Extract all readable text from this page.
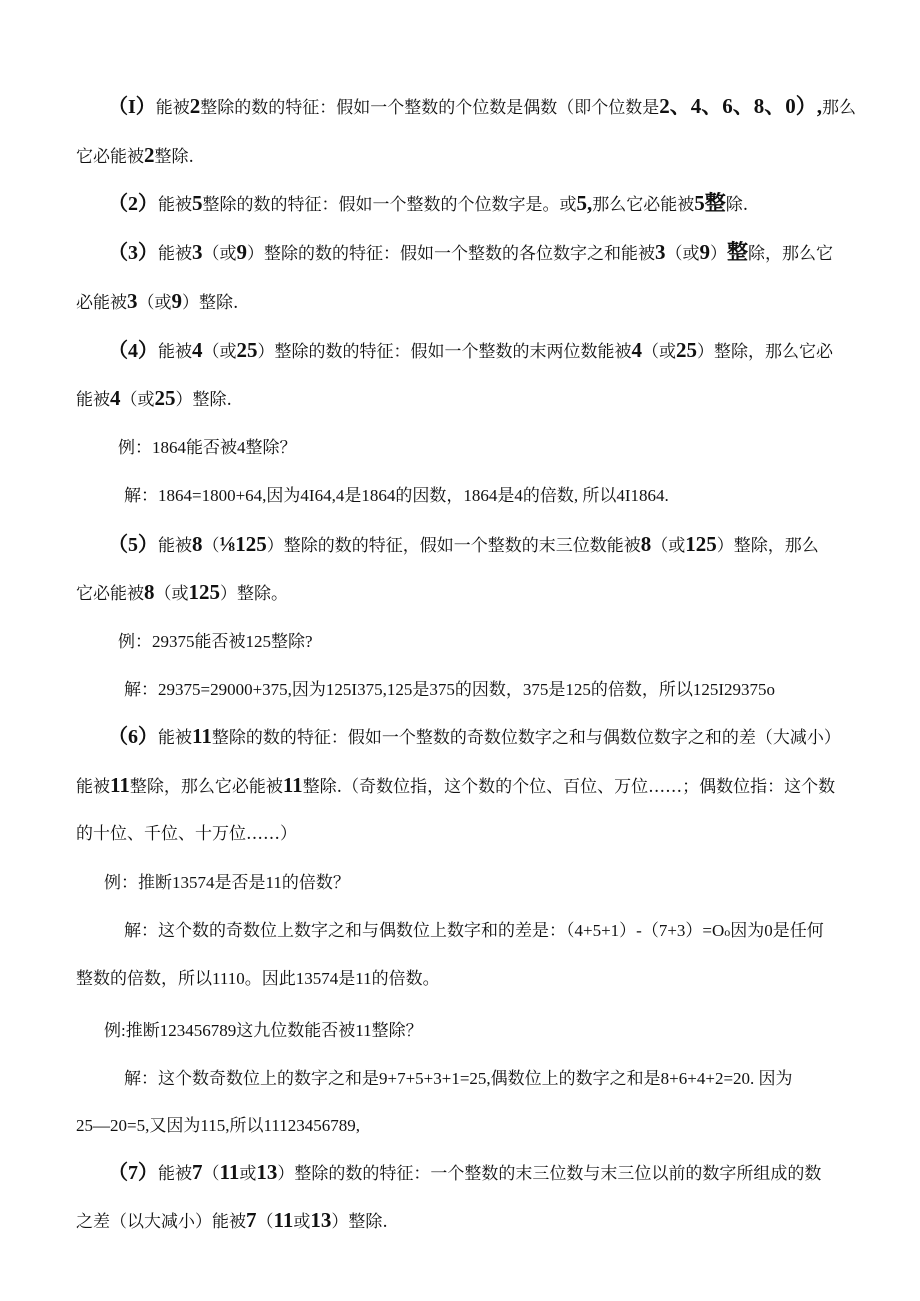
（I）能被2整除的数的特征：假如一个整数的个位数是偶数（即个位数是2、4、6、8、0）,那么
它必能被2整除.
（2）能被5整除的数的特征：假如一个整数的个位数字是。或5,那么它必能被5整除.
（3）能被3（或9）整除的数的特征：假如一个整数的各位数字之和能被3（或9）整除，那么它
必能被3（或9）整除.
（4）能被4（或25）整除的数的特征：假如一个整数的末两位数能被4（或25）整除，那么它必
能被4（或25）整除.
例：1864能否被4整除？
解：1864=1800+64,因为4I64,4是1864的因数，1864是4的倍数, 所以4I1864.
（5）能被8（⅛125）整除的数的特征，假如一个整数的末三位数能被8（或125）整除，那么
它必能被8（或125）整除。
例：29375能否被125整除?
解：29375=29000+375,因为125I375,125是375的因数，375是125的倍数，所以125I29375o
（6）能被11整除的数的特征：假如一个整数的奇数位数字之和与偶数位数字之和的差（大减小）
能被11整除，那么它必能被11整除.（奇数位指，这个数的个位、百位、万位……；偶数位指：这个数
的十位、千位、十万位……）
例：推断13574是否是11的倍数？
解：这个数的奇数位上数字之和与偶数位上数字和的差是：（4+5+1）-（7+3）=Oo因为0是任何
整数的倍数，所以1110。因此13574是11的倍数。
例:推断123456789这九位数能否被11整除？
解：这个数奇数位上的数字之和是9+7+5+3+1=25,偶数位上的数字之和是8+6+4+2=20. 因为
25—20=5,又因为115,所以11123456789,
（7）能被7（11或13）整除的数的特征：一个整数的末三位数与末三位以前的数字所组成的数
之差（以大减小）能被7（11或13）整除.
